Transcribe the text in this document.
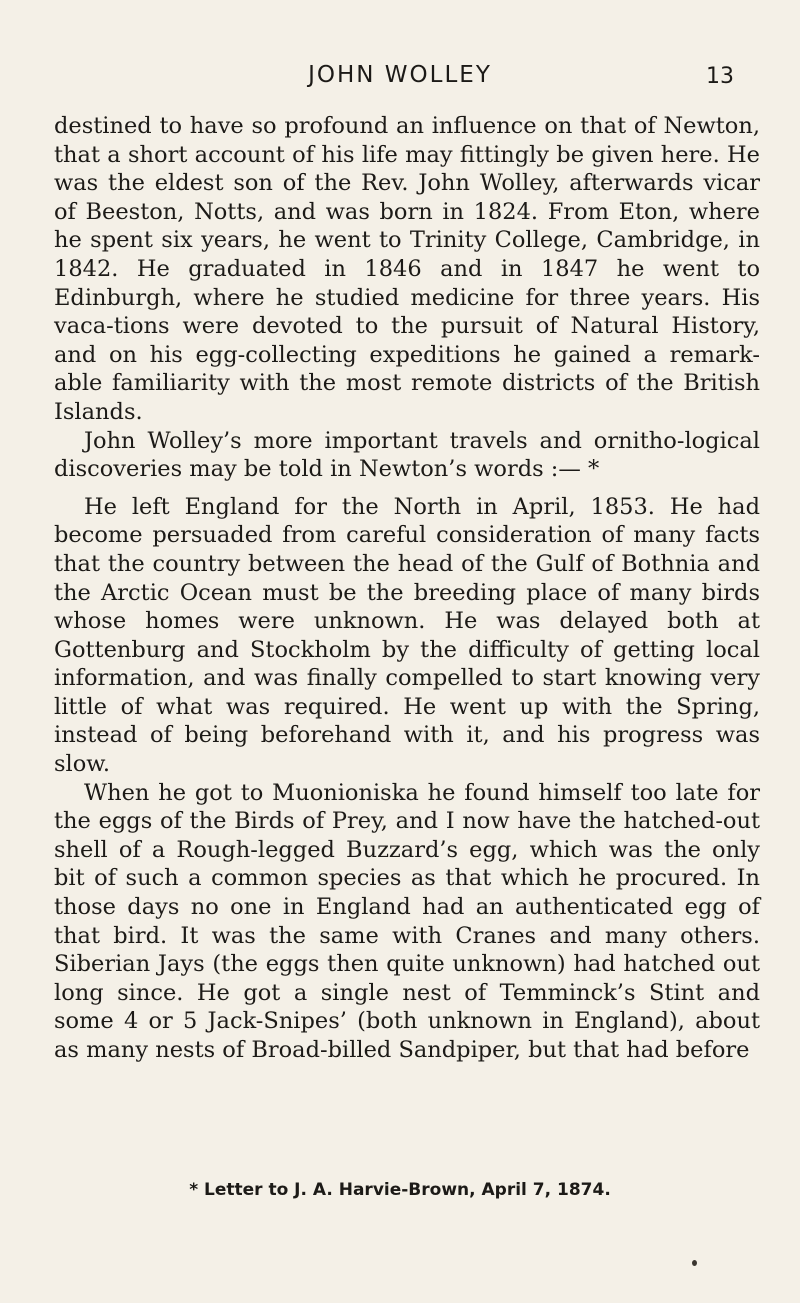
JOHN WOLLEY	13

destined to have so profound an influence on that of Newton, that a short account of his life may fittingly be given here. He was the eldest son of the Rev. John Wolley, afterwards vicar of Beeston, Notts, and was born in 1824. From Eton, where he spent six years, he went to Trinity College, Cambridge, in 1842. He graduated in 1846 and in 1847 he went to Edinburgh, where he studied medicine for three years. His vaca-tions were devoted to the pursuit of Natural History, and on his egg-collecting expeditions he gained a remark-able familiarity with the most remote districts of the British Islands.

John Wolley’s more important travels and ornitho-logical discoveries may be told in Newton’s words :— *

He left England for the North in April, 1853. He had become persuaded from careful consideration of many facts that the country between the head of the Gulf of Bothnia and the Arctic Ocean must be the breeding place of many birds whose homes were unknown. He was delayed both at Gottenburg and Stockholm by the difficulty of getting local information, and was finally compelled to start knowing very little of what was required. He went up with the Spring, instead of being beforehand with it, and his progress was slow.

When he got to Muonioniska he found himself too late for the eggs of the Birds of Prey, and I now have the hatched-out shell of a Rough-legged Buzzard’s egg, which was the only bit of such a common species as that which he procured. In those days no one in England had an authenticated egg of that bird. It was the same with Cranes and many others. Siberian Jays (the eggs then quite unknown) had hatched out long since. He got a single nest of Temminck’s Stint and some 4 or 5 Jack-Snipes’ (both unknown in England), about as many nests of Broad-billed Sandpiper, but that had before

* Letter to J. A. Harvie-Brown, April 7, 1874.
